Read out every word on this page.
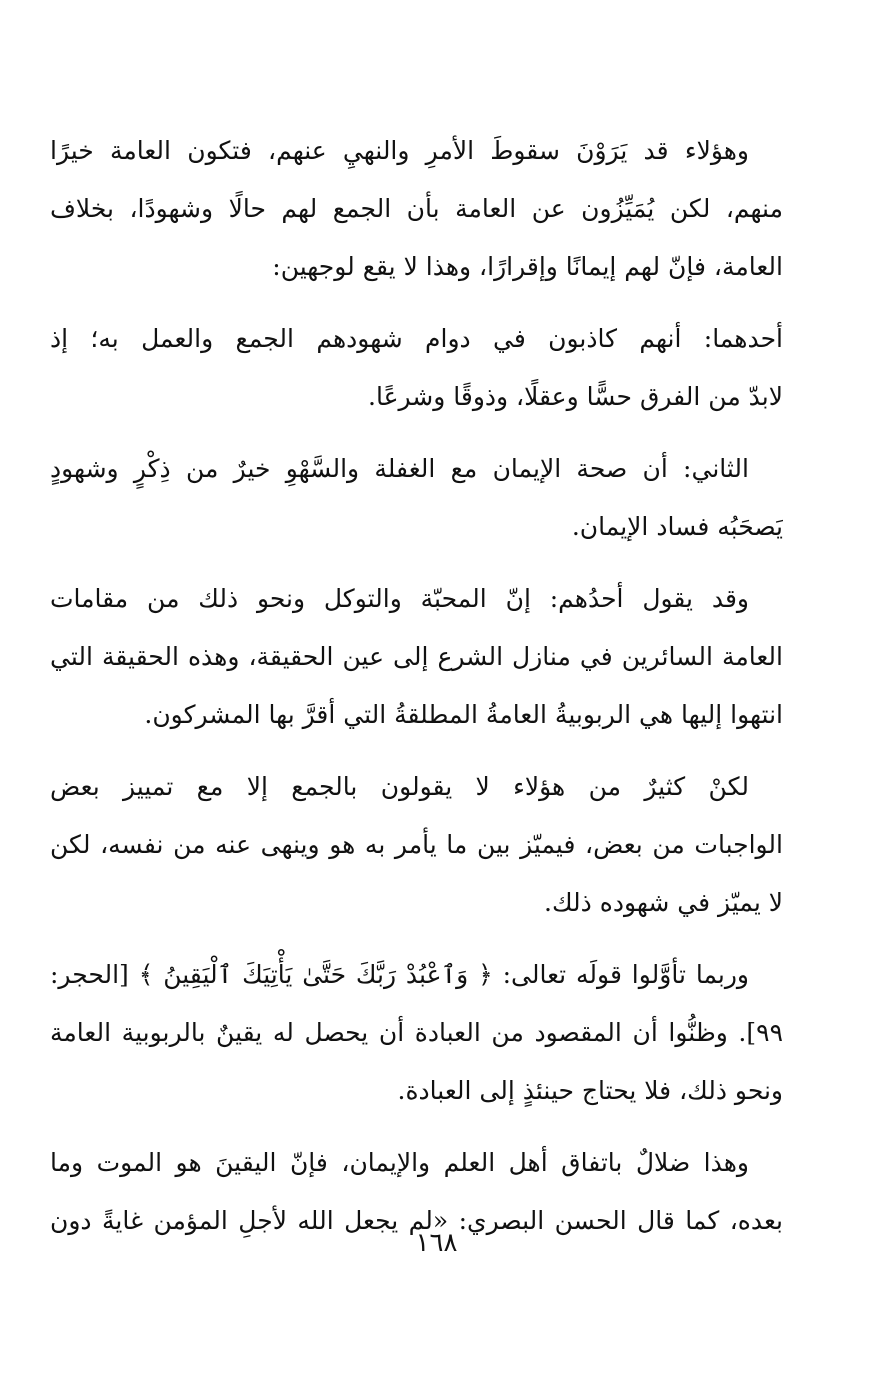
وهؤلاء قد يَرَوْنَ سقوطَ الأمرِ والنهيِ عنهم، فتكون العامة خيرًا
منهم، لكن يُمَيِّزُون عن العامة بأن الجمع لهم حالًا وشهودًا، بخلاف
العامة، فإنّ لهم إيمانًا وإقرارًا، وهذا لا يقع لوجهين:

أحدهما: أنهم كاذبون في دوام شهودهم الجمع والعمل به؛ إذ
لابدّ من الفرق حسًّا وعقلًا، وذوقًا وشرعًا.

الثاني: أن صحة الإيمان مع الغفلة والسَّهْوِ خيرٌ من ذِكْرٍ وشهودٍ
يَصحَبُه فساد الإيمان.

وقد يقول أحدُهم: إنّ المحبّة والتوكل ونحو ذلك من مقامات
العامة السائرين في منازل الشرع إلى عين الحقيقة، وهذه الحقيقة التي
انتهوا إليها هي الربوبيةُ العامةُ المطلقةُ التي أقرَّ بها المشركون.

لكنْ كثيرٌ من هؤلاء لا يقولون بالجمع إلا مع تمييز بعض
الواجبات من بعض، فيميّز بين ما يأمر به هو وينهى عنه من نفسه، لكن
لا يميّز في شهوده ذلك.

وربما تأوَّلوا قولَه تعالى: ﴿ وَٱعْبُدْ رَبَّكَ حَتَّىٰ يَأْتِيَكَ ٱلْيَقِينُ ﴾ [الحجر:
٩٩]. وظنُّوا أن المقصود من العبادة أن يحصل له يقينٌ بالربوبية العامة
ونحو ذلك، فلا يحتاج حينئذٍ إلى العبادة.

وهذا ضلالٌ باتفاق أهل العلم والإيمان، فإنّ اليقينَ هو الموت وما
بعده، كما قال الحسن البصري: «لم يجعل الله لأجلِ المؤمن غايةً دون

١٦٨
